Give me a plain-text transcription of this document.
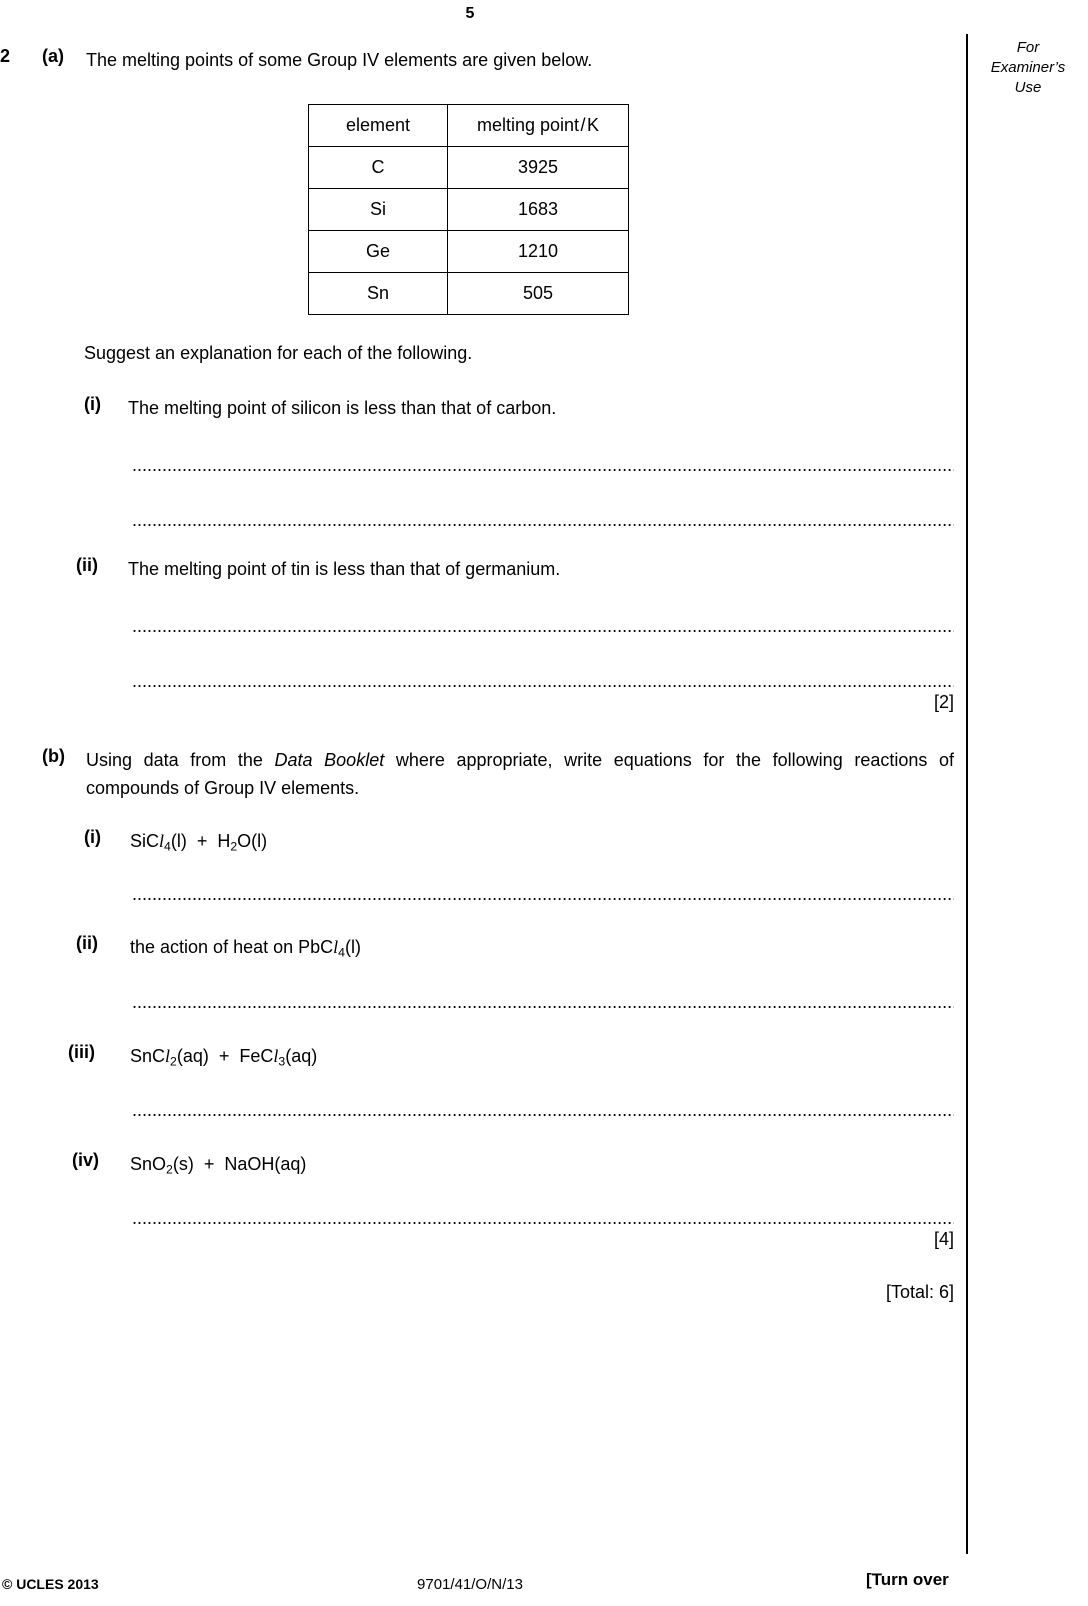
5
For
Examiner’s
Use
2 (a) The melting points of some Group IV elements are given below.
element	melting point / K
C	3925
Si	1683
Ge	1210
Sn	505
Suggest an explanation for each of the following.
(i) The melting point of silicon is less than that of carbon.
.....
.....
(ii) The melting point of tin is less than that of germanium.
.....
.....
[2]
(b) Using data from the Data Booklet where appropriate, write equations for the following reactions of compounds of Group IV elements.
(i) SiCl$_4$(l)  +  $H_2O(l)$
.....
(ii) the action of heat on PbCl$_4$(l)
.....
(iii) SnCl$_2$(aq)  +  FeCl$_3$(aq)
.....
(iv) SnO$_2$(s)  +  NaOH(aq)
.....
[4]
[Total: 6]
© UCLES 2013	9701/41/O/N/13	[Turn over
